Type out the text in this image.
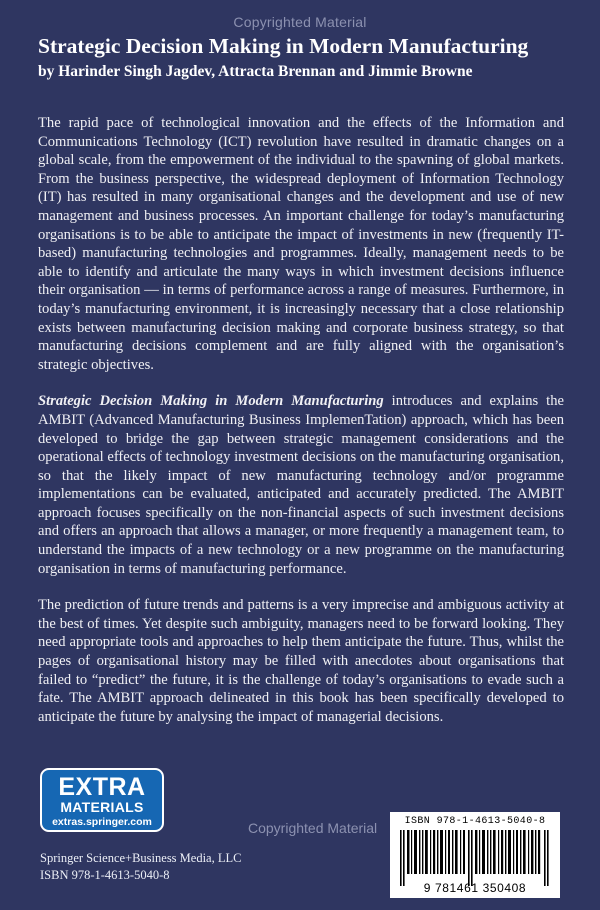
Copyrighted Material
Strategic Decision Making in Modern Manufacturing
by Harinder Singh Jagdev, Attracta Brennan and Jimmie Browne

The rapid pace of technological innovation and the effects of the Information and Communications Technology (ICT) revolution have resulted in dramatic changes on a global scale, from the empowerment of the individual to the spawning of global markets. From the business perspective, the widespread deployment of Information Technology (IT) has resulted in many organisational changes and the development and use of new management and business processes. An important challenge for today’s manufacturing organisations is to be able to anticipate the impact of investments in new (frequently IT-based) manufacturing technologies and programmes. Ideally, management needs to be able to identify and articulate the many ways in which investment decisions influence their organisation — in terms of performance across a range of measures. Furthermore, in today’s manufacturing environment, it is increasingly necessary that a close relationship exists between manufacturing decision making and corporate business strategy, so that manufacturing decisions complement and are fully aligned with the organisation’s strategic objectives.

Strategic Decision Making in Modern Manufacturing introduces and explains the AMBIT (Advanced Manufacturing Business ImplemenTation) approach, which has been developed to bridge the gap between strategic management considerations and the operational effects of technology investment decisions on the manufacturing organisation, so that the likely impact of new manufacturing technology and/or programme implementations can be evaluated, anticipated and accurately predicted. The AMBIT approach focuses specifically on the non-financial aspects of such investment decisions and offers an approach that allows a manager, or more frequently a management team, to understand the impacts of a new technology or a new programme on the manufacturing organisation in terms of manufacturing performance.

The prediction of future trends and patterns is a very imprecise and ambiguous activity at the best of times. Yet despite such ambiguity, managers need to be forward looking. They need appropriate tools and approaches to help them anticipate the future. Thus, whilst the pages of organisational history may be filled with anecdotes about organisations that failed to “predict” the future, it is the challenge of today’s organisations to evade such a fate. The AMBIT approach delineated in this book has been specifically developed to anticipate the future by analysing the impact of managerial decisions.

EXTRA
MATERIALS
extras.springer.com
Springer Science+Business Media, LLC
ISBN 978-1-4613-5040-8
Copyrighted Material	ISBN 978-1-4613-5040-8
9 781461 350408
